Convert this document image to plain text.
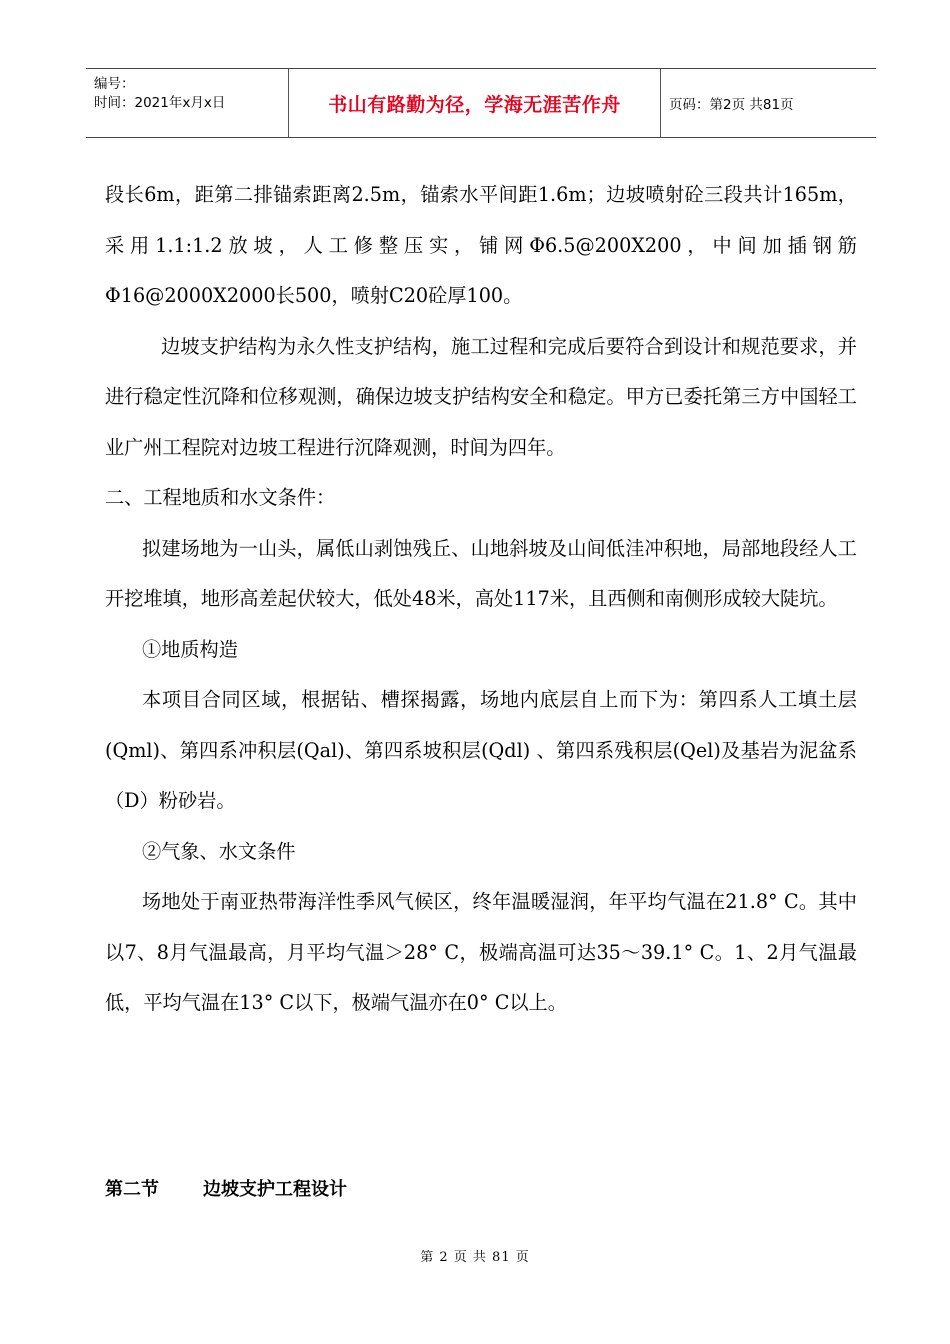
编号：
时间：2021年x月x日	书山有路勤为径，学海无涯苦作舟	页码：第2页 共81页

段长6m，距第二排锚索距离2.5m，锚索水平间距1.6m；边坡喷射砼三段共计165m，采用1.1:1.2放坡，人工修整压实，铺网Φ6.5@200X200，中间加插钢筋Φ16@2000X2000长500，喷射C20砼厚100。

边坡支护结构为永久性支护结构，施工过程和完成后要符合到设计和规范要求，并进行稳定性沉降和位移观测，确保边坡支护结构安全和稳定。甲方已委托第三方中国轻工业广州工程院对边坡工程进行沉降观测，时间为四年。

二、工程地质和水文条件：

拟建场地为一山头，属低山剥蚀残丘、山地斜坡及山间低洼冲积地，局部地段经人工开挖堆填，地形高差起伏较大，低处48米，高处117米，且西侧和南侧形成较大陡坑。

①地质构造

本项目合同区域，根据钻、槽探揭露，场地内底层自上而下为：第四系人工填土层(Qml)、第四系冲积层(Qal)、第四系坡积层(Qdl) 、第四系残积层(Qel)及基岩为泥盆系（D）粉砂岩。

②气象、水文条件

场地处于南亚热带海洋性季风气候区，终年温暖湿润，年平均气温在21.8° C。其中以7、8月气温最高，月平均气温＞28° C，极端高温可达35～39.1° C。1、2月气温最低，平均气温在13° C以下，极端气温亦在0° C以上。

第二节	边坡支护工程设计
第 2 页 共 81 页
